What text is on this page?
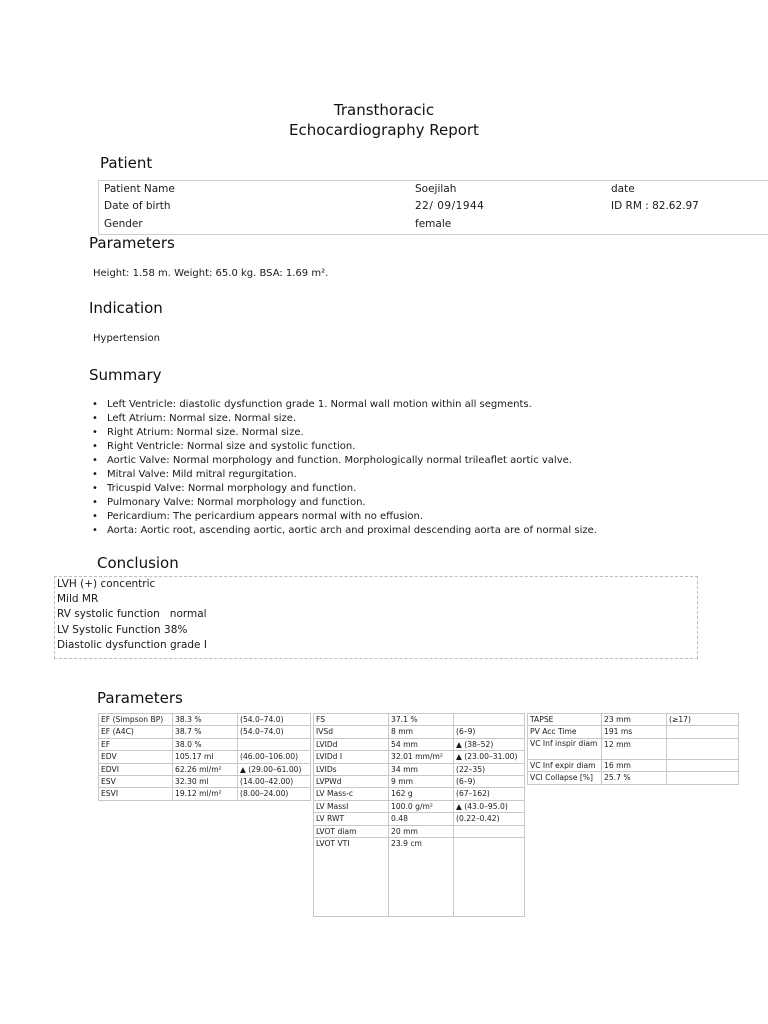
Transthoracic
Echocardiography Report
Patient
Patient Name	Soejilah	date
Date of birth	22/ 09/1944	ID RM : 82.62.97
Gender	female
Parameters
Height: 1.58 m. Weight: 65.0 kg. BSA: 1.69 m².
Indication
Hypertension
Summary
• Left Ventricle: diastolic dysfunction grade 1. Normal wall motion within all segments.
• Left Atrium: Normal size. Normal size.
• Right Atrium: Normal size. Normal size.
• Right Ventricle: Normal size and systolic function.
• Aortic Valve: Normal morphology and function. Morphologically normal trileaflet aortic valve.
• Mitral Valve: Mild mitral regurgitation.
• Tricuspid Valve: Normal morphology and function.
• Pulmonary Valve: Normal morphology and function.
• Pericardium: The pericardium appears normal with no effusion.
• Aorta: Aortic root, ascending aortic, aortic arch and proximal descending aorta are of normal size.
Conclusion
LVH (+) concentric
Mild MR
RV systolic function   normal
LV Systolic Function 38%
Diastolic dysfunction grade I
Parameters
EF (Simpson BP)	38.3 %	(54.0–74.0)
EF (A4C)	38.7 %	(54.0–74.0)
EF	38.0 %	
EDV	105.17 ml	(46.00–106.00)
EDVI	62.26 ml/m²	▲ (29.00–61.00)
ESV	32.30 ml	(14.00–42.00)
ESVI	19.12 ml/m²	(8.00–24.00)
FS	37.1 %	
IVSd	8 mm	(6–9)
LVIDd	54 mm	▲ (38–52)
LVIDd I	32.01 mm/m²	▲ (23.00–31.00)
LVIDs	34 mm	(22–35)
LVPWd	9 mm	(6–9)
LV Mass-c	162 g	(67–162)
LV MassI	100.0 g/m²	▲ (43.0–95.0)
LV RWT	0.48	(0.22–0.42)
LVOT diam	20 mm	
LVOT VTI	23.9 cm	
TAPSE	23 mm	(≥17)
PV Acc Time	191 ms	
VC Inf inspir diam	12 mm	
VC Inf expir diam	16 mm	
VCI Collapse [%]	25.7 %	
